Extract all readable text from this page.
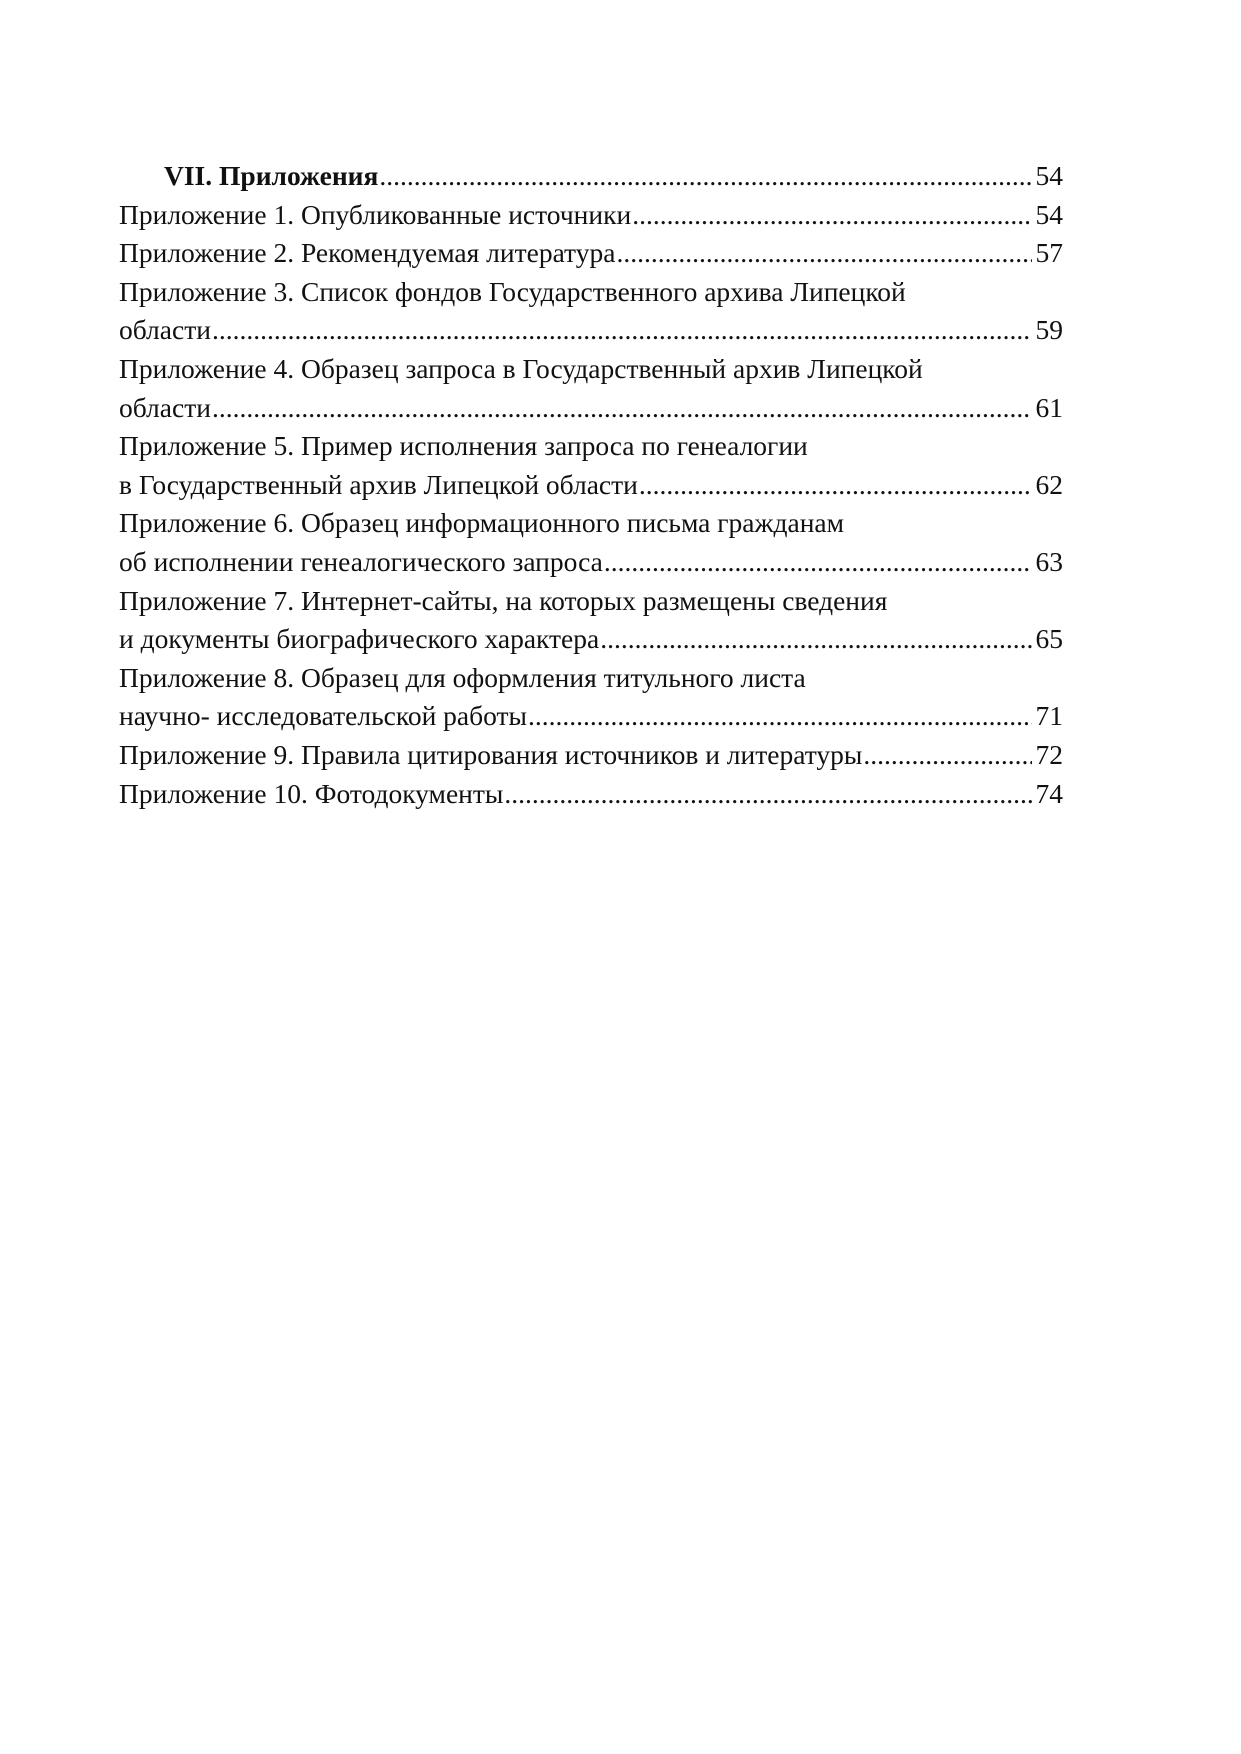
VII. Приложения .....	54
Приложение 1. Опубликованные источники .....	54
Приложение 2. Рекомендуемая литература .....	57
Приложение 3. Список фондов Государственного архива Липецкой
области .....	59
Приложение 4. Образец запроса в Государственный архив Липецкой
области .....	61
Приложение 5. Пример исполнения запроса по генеалогии
в Государственный архив Липецкой области .....	62
Приложение 6. Образец информационного письма гражданам
об исполнении генеалогического запроса .....	63
Приложение 7. Интернет-сайты, на которых размещены сведения
и документы биографического характера .....	65
Приложение 8. Образец для оформления титульного листа
научно- исследовательской работы .....	71
Приложение 9. Правила цитирования источников и литературы .....	72
Приложение 10. Фотодокументы .....	74
